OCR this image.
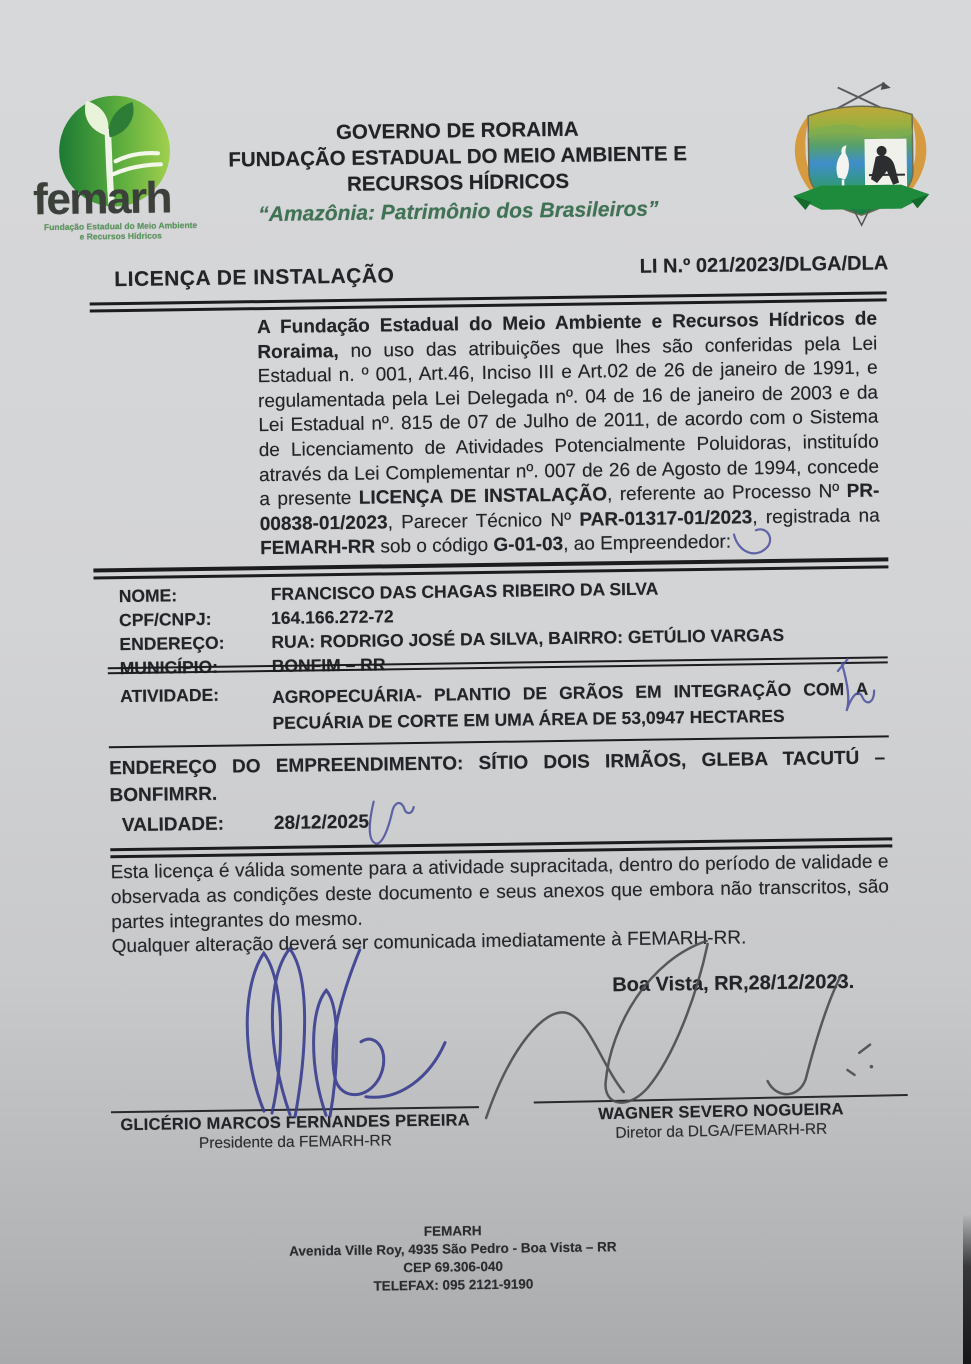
femarh
Fundação Estadual do Meio Ambiente
e Recursos Hídricos
GOVERNO DE RORAIMA
FUNDAÇÃO ESTADUAL DO MEIO AMBIENTE E
RECURSOS HÍDRICOS
“Amazônia: Patrimônio dos Brasileiros”
LICENÇA DE INSTALAÇÃO	LI N.º 021/2023/DLGA/DLA
A Fundação Estadual do Meio Ambiente e Recursos Hídricos de Roraima, no uso das atribuições que lhes são conferidas pela Lei Estadual n. º 001, Art.46, Inciso III e Art.02 de 26 de janeiro de 1991, e regulamentada pela Lei Delegada nº. 04 de 16 de janeiro de 2003 e da Lei Estadual nº. 815 de 07 de Julho de 2011, de acordo com o Sistema de Licenciamento de Atividades Potencialmente Poluidoras, instituído através da Lei Complementar nº. 007 de 26 de Agosto de 1994, concede a presente LICENÇA DE INSTALAÇÃO, referente ao Processo Nº PR-00838-01/2023, Parecer Técnico Nº PAR-01317-01/2023, registrada na FEMARH-RR sob o código G-01-03, ao Empreendedor:
NOME:	FRANCISCO DAS CHAGAS RIBEIRO DA SILVA
CPF/CNPJ:	164.166.272-72
ENDEREÇO:	RUA: RODRIGO JOSÉ DA SILVA, BAIRRO: GETÚLIO VARGAS
MUNICÍPIO:	BONFIM – RR
ATIVIDADE:	AGROPECUÁRIA- PLANTIO DE GRÃOS EM INTEGRAÇÃO COM A PECUÁRIA DE CORTE EM UMA ÁREA DE 53,0947 HECTARES
ENDEREÇO DO EMPREENDIMENTO: SÍTIO DOIS IRMÃOS, GLEBA TACUTÚ – BONFIMRR.
VALIDADE:	28/12/2025
Esta licença é válida somente para a atividade supracitada, dentro do período de validade e observada as condições deste documento e seus anexos que embora não transcritos, são partes integrantes do mesmo.
Qualquer alteração deverá ser comunicada imediatamente à FEMARH-RR.
Boa Vista, RR,28/12/2023.
GLICÉRIO MARCOS FERNANDES PEREIRA
Presidente da FEMARH-RR
WAGNER SEVERO NOGUEIRA
Diretor da DLGA/FEMARH-RR
FEMARH
Avenida Ville Roy, 4935 São Pedro - Boa Vista – RR
CEP 69.306-040
TELEFAX: 095 2121-9190
